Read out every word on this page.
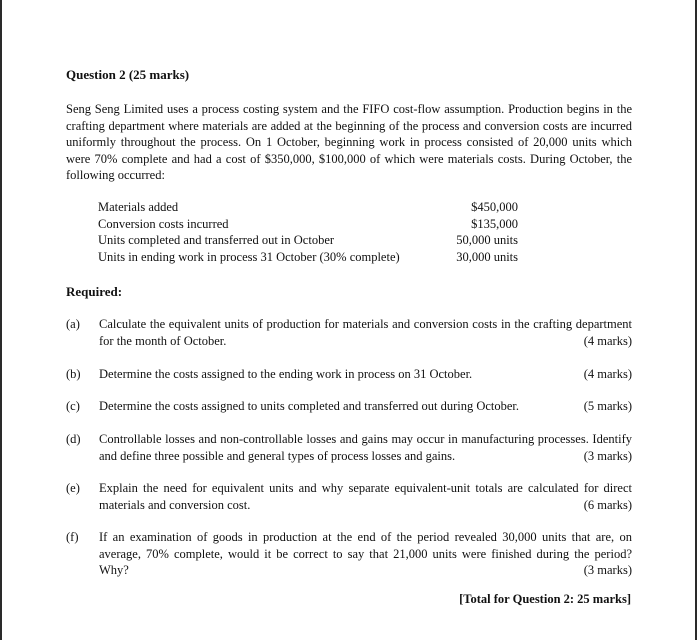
Question 2 (25 marks)
Seng Seng Limited uses a process costing system and the FIFO cost-flow assumption. Production begins in the crafting department where materials are added at the beginning of the process and conversion costs are incurred uniformly throughout the process. On 1 October, beginning work in process consisted of 20,000 units which were 70% complete and had a cost of $350,000, $100,000 of which were materials costs. During October, the following occurred:
Materials added	$450,000
Conversion costs incurred	$135,000
Units completed and transferred out in October	50,000 units
Units in ending work in process 31 October (30% complete)	30,000 units
Required:
(a) Calculate the equivalent units of production for materials and conversion costs in the crafting department for the month of October.	(4 marks)
(b) Determine the costs assigned to the ending work in process on 31 October.	(4 marks)
(c) Determine the costs assigned to units completed and transferred out during October.	(5 marks)
(d) Controllable losses and non-controllable losses and gains may occur in manufacturing processes. Identify and define three possible and general types of process losses and gains.	(3 marks)
(e) Explain the need for equivalent units and why separate equivalent-unit totals are calculated for direct materials and conversion cost.	(6 marks)
(f) If an examination of goods in production at the end of the period revealed 30,000 units that are, on average, 70% complete, would it be correct to say that 21,000 units were finished during the period? Why?	(3 marks)
[Total for Question 2: 25 marks]
